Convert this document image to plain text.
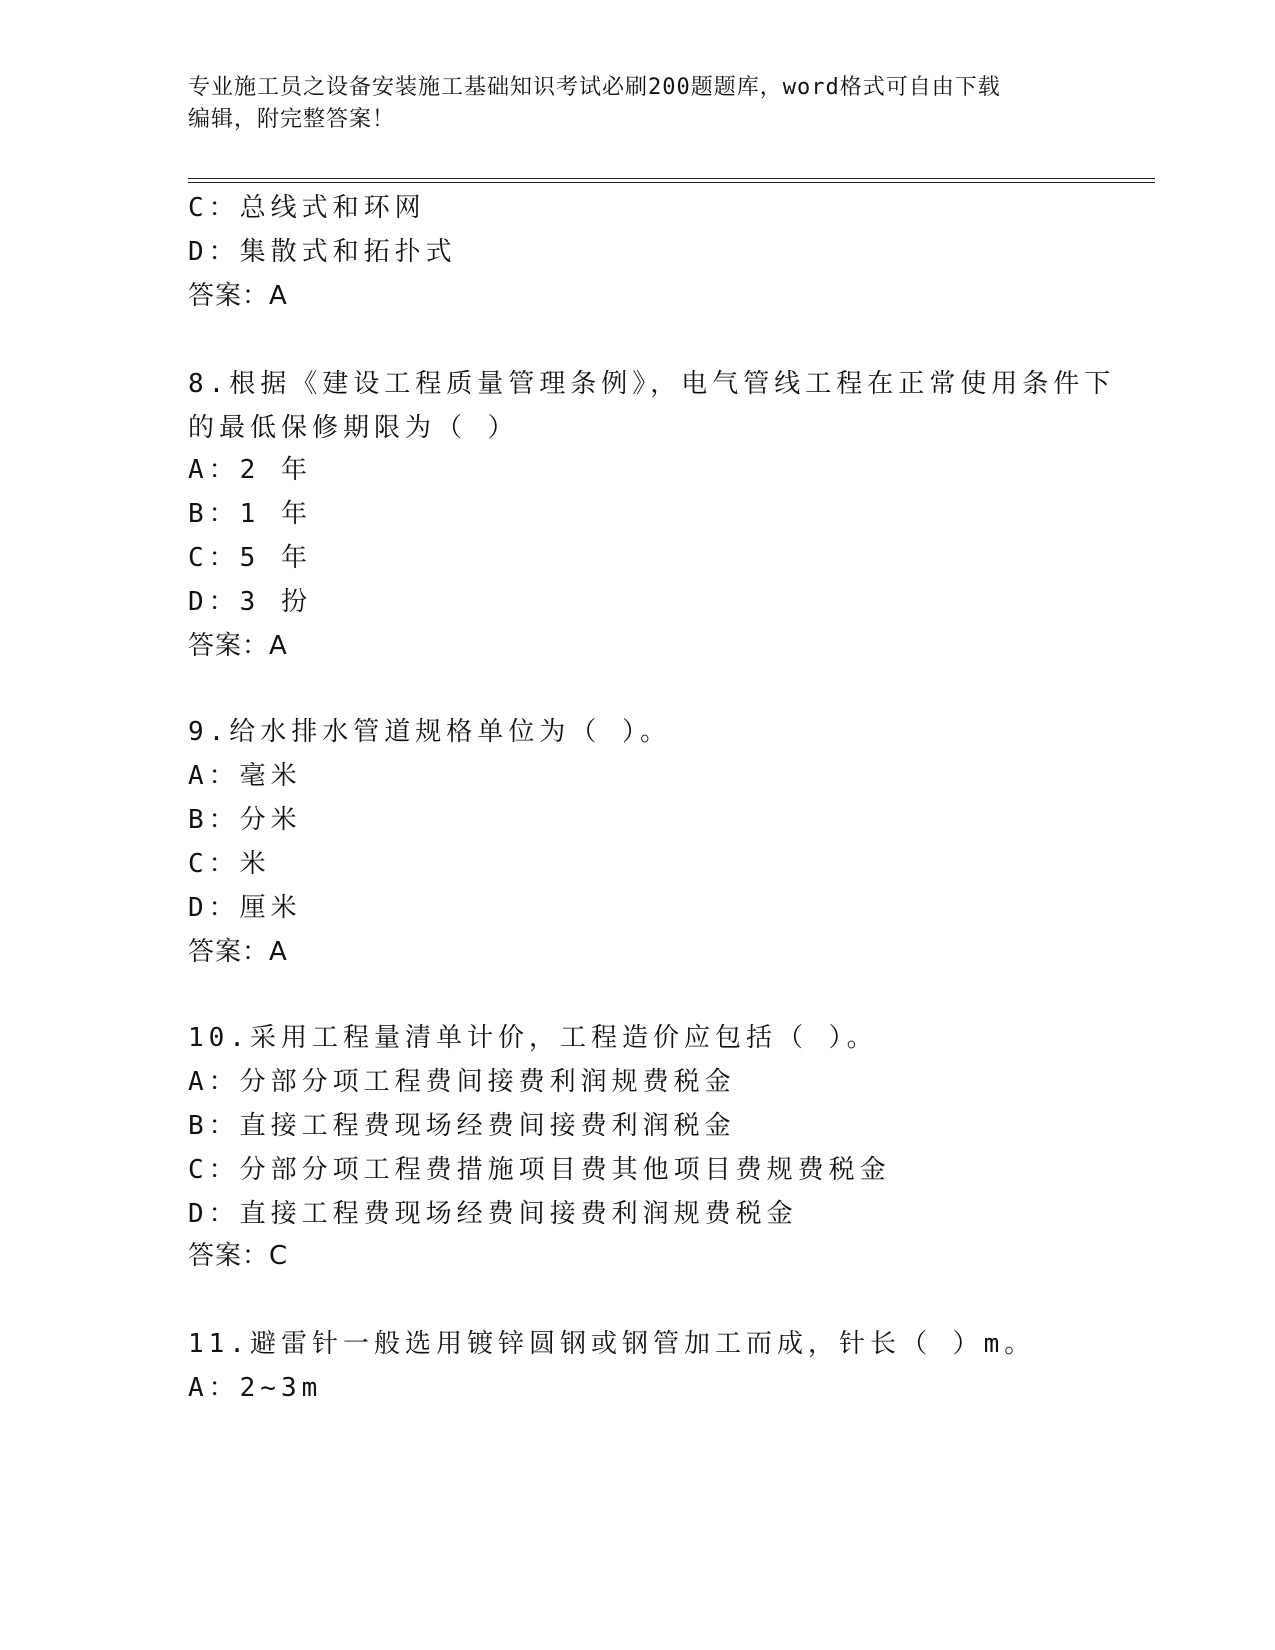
专业施工员之设备安装施工基础知识考试必刷200题题库，word格式可自由下载
编辑，附完整答案！
C：总线式和环网
D：集散式和拓扑式
答案：A
8.根据《建设工程质量管理条例》，电气管线工程在正常使用条件下
的最低保修期限为（ ）
A：2 年
B：1 年
C：5 年
D：3 扮
答案：A
9.给水排水管道规格单位为（ ）。
A：毫米
B：分米
C：米
D：厘米
答案：A
10.采用工程量清单计价，工程造价应包括（ ）。
A：分部分项工程费间接费利润规费税金
B：直接工程费现场经费间接费利润税金
C：分部分项工程费措施项目费其他项目费规费税金
D：直接工程费现场经费间接费利润规费税金
答案：C
11.避雷针一般选用镀锌圆钢或钢管加工而成，针长（ ）m。
A：2~3m
